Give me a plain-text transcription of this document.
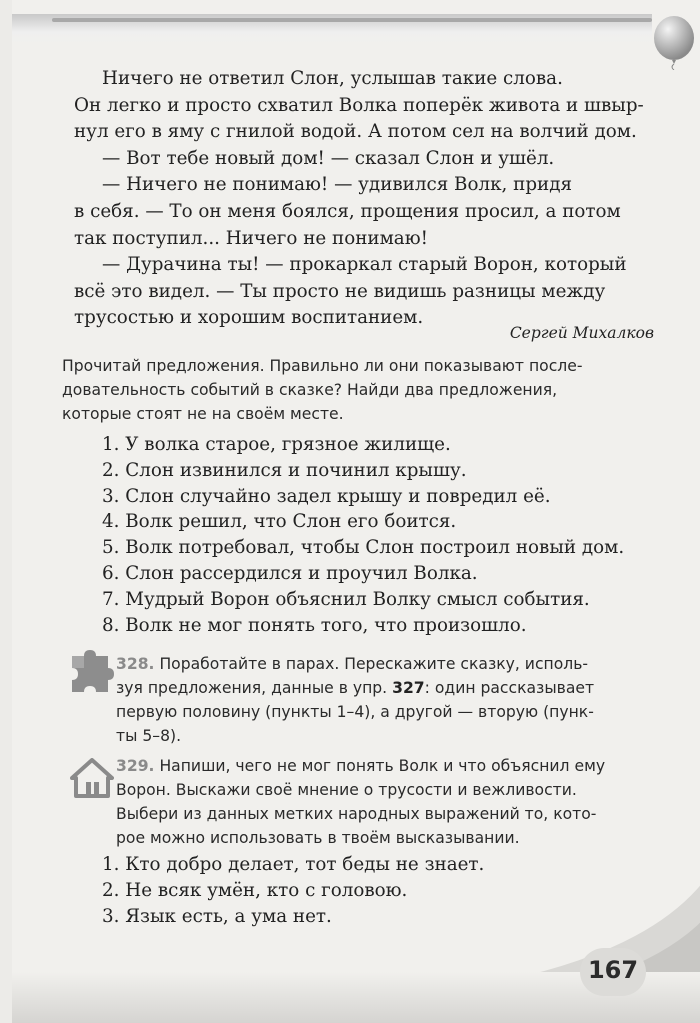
Ничего не ответил Слон, услышав такие слова.

Он легко и просто схватил Волка поперёк живота и швыр-

нул его в яму с гнилой водой. А потом сел на волчий дом.

— Вот тебе новый дом! — сказал Слон и ушёл.

— Ничего не понимаю! — удивился Волк, придя

в себя. — То он меня боялся, прощения просил, а потом

так поступил... Ничего не понимаю!

— Дурачина ты! — прокаркал старый Ворон, который

всё это видел. — Ты просто не видишь разницы между

трусостью и хорошим воспитанием.

Сергей Михалков
Прочитай предложения. Правильно ли они показывают после-
довательность событий в сказке? Найди два предложения,
которые стоят не на своём месте.
1. У волка старое, грязное жилище.
2. Слон извинился и починил крышу.
3. Слон случайно задел крышу и повредил её.
4. Волк решил, что Слон его боится.
5. Волк потребовал, чтобы Слон построил новый дом.
6. Слон рассердился и проучил Волка.
7. Мудрый Ворон объяснил Волку смысл события.
8. Волк не мог понять того, что произошло.
328. Поработайте в парах. Перескажите сказку, исполь-
зуя предложения, данные в упр. 327: один рассказывает
первую половину (пункты 1–4), а другой — вторую (пунк-
ты 5–8).
329. Напиши, чего не мог понять Волк и что объяснил ему
Ворон. Выскажи своё мнение о трусости и вежливости.
Выбери из данных метких народных выражений то, кото-
рое можно использовать в твоём высказывании.
1. Кто добро делает, тот беды не знает.
2. Не всяк умён, кто с головою.
3. Язык есть, а ума нет.
167
